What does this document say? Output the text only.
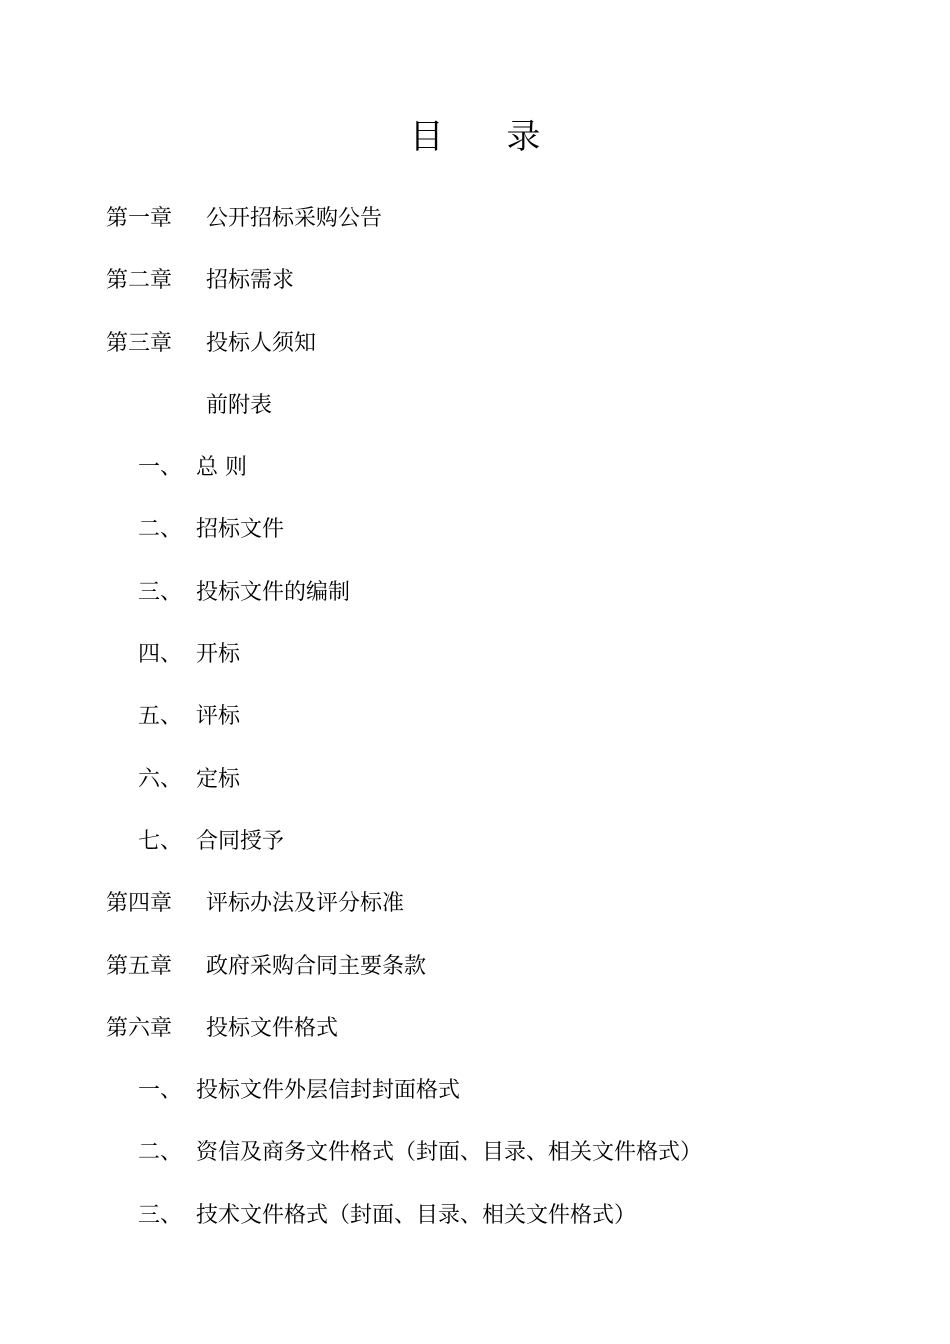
目 录
第一章 公开招标采购公告
第二章 招标需求
第三章 投标人须知
前附表
一、 总 则
二、 招标文件
三、 投标文件的编制
四、 开标
五、 评标
六、 定标
七、 合同授予
第四章 评标办法及评分标准
第五章 政府采购合同主要条款
第六章 投标文件格式
一、 投标文件外层信封封面格式
二、 资信及商务文件格式（封面、目录、相关文件格式）
三、 技术文件格式（封面、目录、相关文件格式）
